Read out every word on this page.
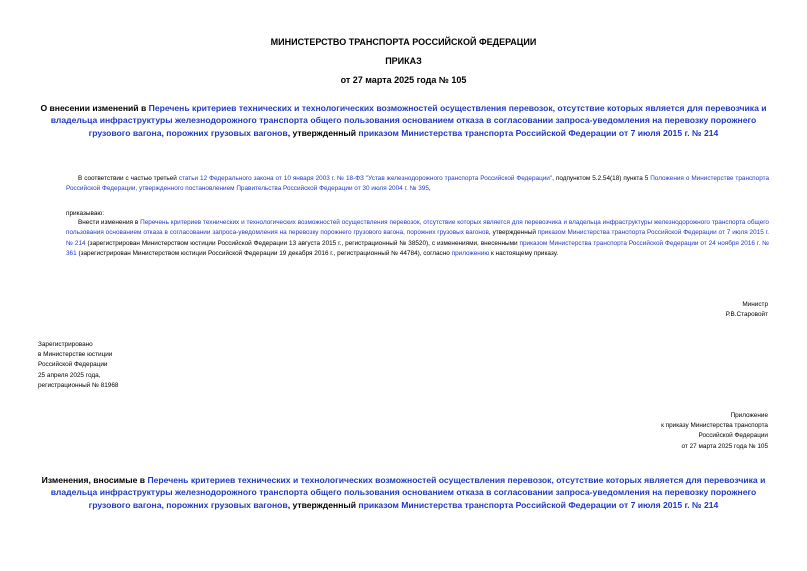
МИНИСТЕРСТВО ТРАНСПОРТА РОССИЙСКОЙ ФЕДЕРАЦИИ
ПРИКАЗ
от 27 марта 2025 года № 105
О внесении изменений в Перечень критериев технических и технологических возможностей осуществления перевозок, отсутствие которых является для перевозчика и владельца инфраструктуры железнодорожного транспорта общего пользования основанием отказа в согласовании запроса-уведомления на перевозку порожнего грузового вагона, порожних грузовых вагонов, утвержденный приказом Министерства транспорта Российской Федерации от 7 июля 2015 г. № 214
В соответствии с частью третьей статьи 12 Федерального закона от 10 января 2003 г. № 18-ФЗ "Устав железнодорожного транспорта Российской Федерации", подпунктом 5.2.54(18) пункта 5 Положения о Министерстве транспорта Российской Федерации, утвержденного постановлением Правительства Российской Федерации от 30 июля 2004 г. № 395,
приказываю:
Внести изменения в Перечень критериев технических и технологических возможностей осуществления перевозок, отсутствие которых является для перевозчика и владельца инфраструктуры железнодорожного транспорта общего пользования основанием отказа в согласовании запроса-уведомления на перевозку порожнего грузового вагона, порожних грузовых вагонов, утвержденный приказом Министерства транспорта Российской Федерации от 7 июля 2015 г. № 214 (зарегистрирован Министерством юстиции Российской Федерации 13 августа 2015 г., регистрационный № 38520), с изменениями, внесенными приказом Министерства транспорта Российской Федерации от 24 ноября 2016 г. № 361 (зарегистрирован Министерством юстиции Российской Федерации 19 декабря 2016 г., регистрационный № 44784), согласно приложению к настоящему приказу.
Министр
Р.В.Старовойт
Зарегистрировано
в Министерстве юстиции
Российской Федерации
25 апреля 2025 года,
регистрационный № 81968
Приложение
к приказу Министерства транспорта
Российской Федерации
от 27 марта 2025 года № 105
Изменения, вносимые в Перечень критериев технических и технологических возможностей осуществления перевозок, отсутствие которых является для перевозчика и владельца инфраструктуры железнодорожного транспорта общего пользования основанием отказа в согласовании запроса-уведомления на перевозку порожнего грузового вагона, порожних грузовых вагонов, утвержденный приказом Министерства транспорта Российской Федерации от 7 июля 2015 г. № 214
